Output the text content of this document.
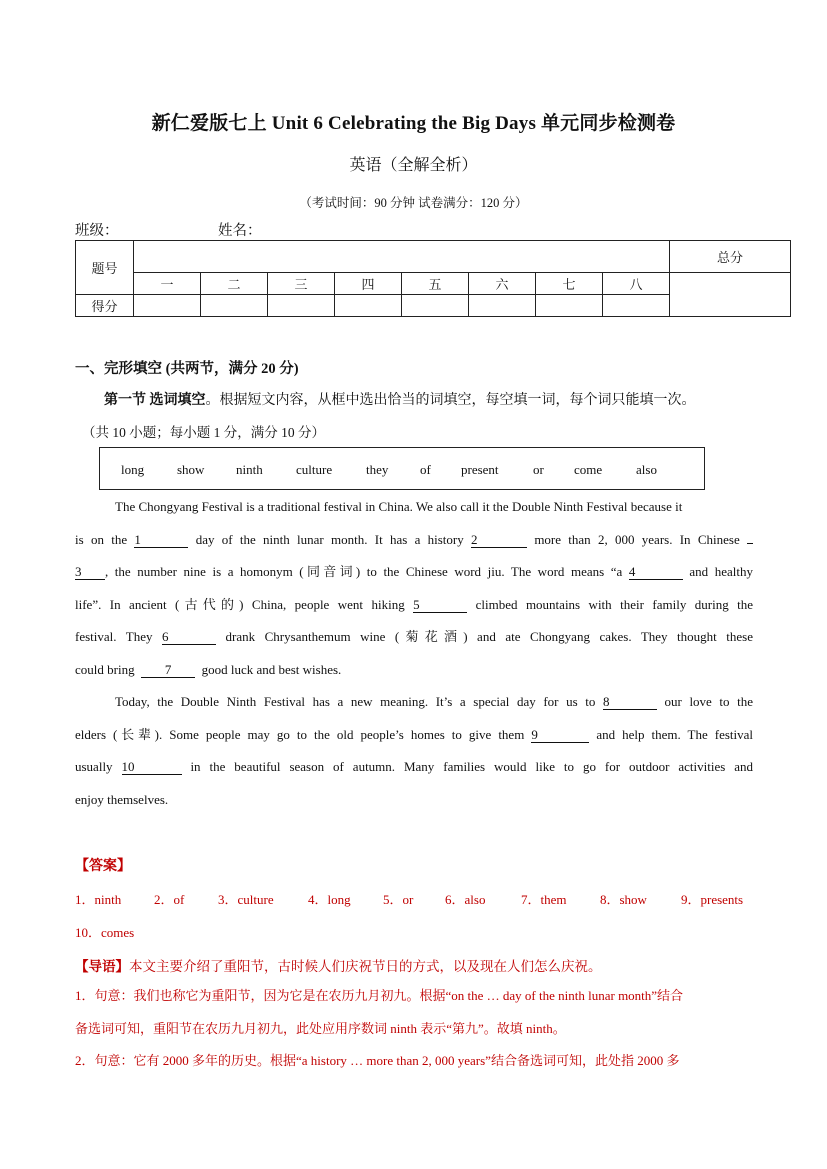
新仁爱版七上 Unit 6 Celebrating the Big Days 单元同步检测卷
英语（全解全析）
（考试时间：90 分钟 试卷满分：120 分）
班级：	姓名：
题号									总分
	一	二	三	四	五	六	七	八	
得分									
一、完形填空 (共两节，满分 20 分)
第一节 选词填空。根据短文内容，从框中选出恰当的词填空，每空填一词，每个词只能填一次。
（共 10 小题；每小题 1 分，满分 10 分）
long	show ninth	culture	they of present	or come	also
The Chongyang Festival is a traditional festival in China. We also call it the Double Ninth Festival because it
is on the 1	day of the ninth lunar month. It has a history 2	more than 2, 000 years. In Chinese
3 , the number nine is a homonym (同音词) to the Chinese word jiu. The word means “a 4	and healthy
life”. In ancient (古代的) China, people went hiking 5	climbed mountains with their family during the
festival. They 6	drank Chrysanthemum wine (菊花酒) and ate Chongyang cakes. They thought these
could bring 7 good luck and best wishes.
Today, the Double Ninth Festival has a new meaning. It’s a special day for us to 8	our love to the
elders (长辈). Some people may go to the old people’s homes to give them 9	and help them. The festival
usually 10	in the beautiful season of autumn. Many families would like to go for outdoor activities and
enjoy themselves.
【答案】
1．ninth	2．of	3．culture	4．long 5．or 6．also	7．them	8．show	9．presents
10．comes
【导语】本文主要介绍了重阳节，古时候人们庆祝节日的方式，以及现在人们怎么庆祝。
1．句意：我们也称它为重阳节，因为它是在农历九月初九。根据“on the … day of the ninth lunar month”结合
备选词可知，重阳节在农历九月初九，此处应用序数词 ninth 表示“第九”。故填 ninth。
2．句意：它有 2000 多年的历史。根据“a history … more than 2, 000 years”结合备选词可知，此处指 2000 多
